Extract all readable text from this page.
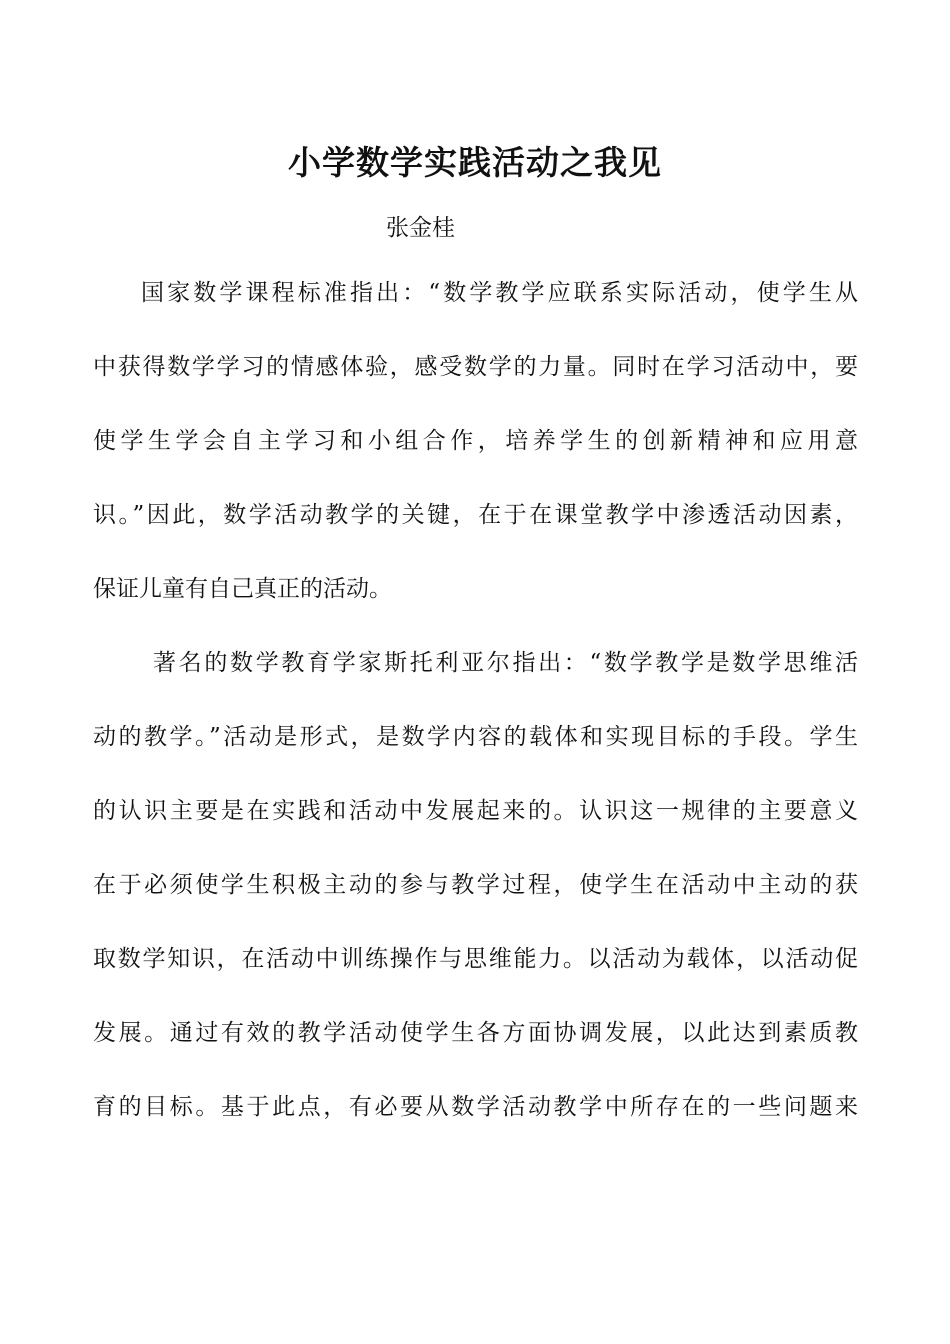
小学数学实践活动之我见

张金桂

国家数学课程标准指出：“数学教学应联系实际活动，使学生从
中获得数学学习的情感体验，感受数学的力量。同时在学习活动中，要
使学生学会自主学习和小组合作，培养学生的创新精神和应用意
识。”因此，数学活动教学的关键，在于在课堂教学中渗透活动因素，
保证儿童有自己真正的活动。
著名的数学教育学家斯托利亚尔指出：“数学教学是数学思维活
动的教学。”活动是形式，是数学内容的载体和实现目标的手段。学生
的认识主要是在实践和活动中发展起来的。认识这一规律的主要意义
在于必须使学生积极主动的参与教学过程，使学生在活动中主动的获
取数学知识，在活动中训练操作与思维能力。以活动为载体，以活动促
发展。通过有效的教学活动使学生各方面协调发展，以此达到素质教
育的目标。基于此点，有必要从数学活动教学中所存在的一些问题来
